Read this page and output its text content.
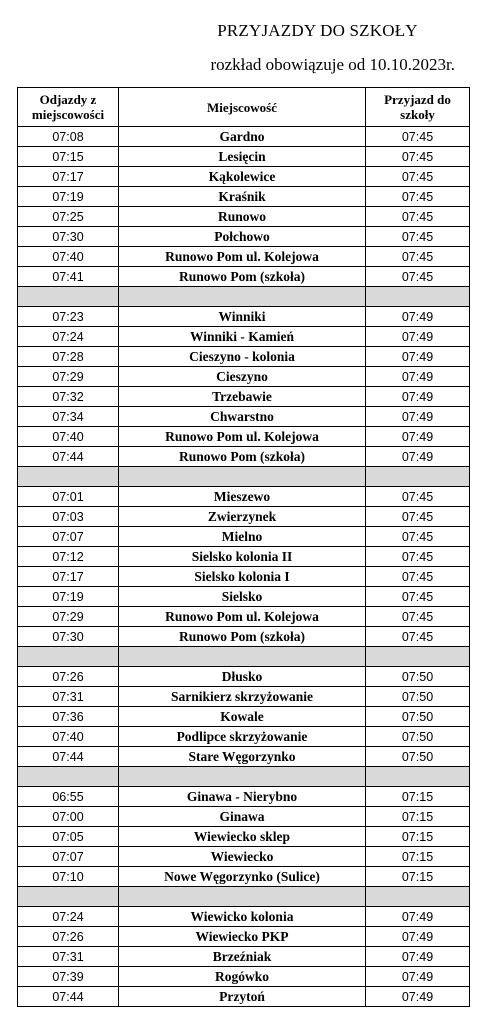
PRZYJAZDY DO SZKOŁY
rozkład obowiązuje od 10.10.2023r.
Odjazdy z miejscowości	Miejscowość	Przyjazd do szkoły
07:08	Gardno	07:45
07:15	Lesięcin	07:45
07:17	Kąkolewice	07:45
07:19	Kraśnik	07:45
07:25	Runowo	07:45
07:30	Połchowo	07:45
07:40	Runowo Pom ul. Kolejowa	07:45
07:41	Runowo Pom (szkoła)	07:45

07:23	Winniki	07:49
07:24	Winniki - Kamień	07:49
07:28	Cieszyno - kolonia	07:49
07:29	Cieszyno	07:49
07:32	Trzebawie	07:49
07:34	Chwarstno	07:49
07:40	Runowo Pom ul. Kolejowa	07:49
07:44	Runowo Pom (szkoła)	07:49

07:01	Mieszewo	07:45
07:03	Zwierzynek	07:45
07:07	Mielno	07:45
07:12	Sielsko kolonia II	07:45
07:17	Sielsko kolonia I	07:45
07:19	Sielsko	07:45
07:29	Runowo Pom ul. Kolejowa	07:45
07:30	Runowo Pom (szkoła)	07:45

07:26	Dłusko	07:50
07:31	Sarnikierz skrzyżowanie	07:50
07:36	Kowale	07:50
07:40	Podlipce skrzyżowanie	07:50
07:44	Stare Węgorzynko	07:50

06:55	Ginawa - Nierybno	07:15
07:00	Ginawa	07:15
07:05	Wiewiecko sklep	07:15
07:07	Wiewiecko	07:15
07:10	Nowe Węgorzynko (Sulice)	07:15

07:24	Wiewicko kolonia	07:49
07:26	Wiewiecko PKP	07:49
07:31	Brzeźniak	07:49
07:39	Rogówko	07:49
07:44	Przytoń	07:49
